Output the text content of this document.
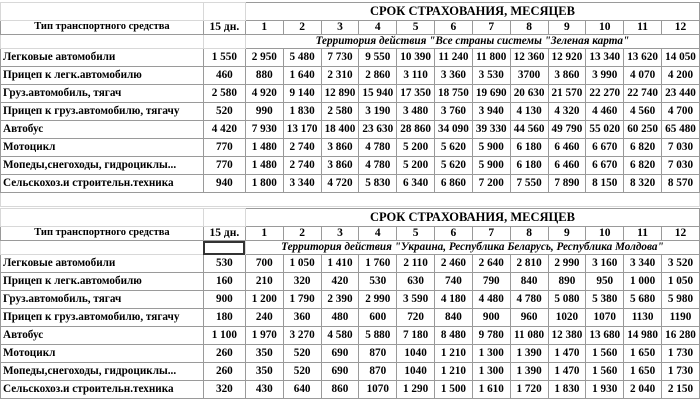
		СРОК СТРАХОВАНИЯ, МЕСЯЦЕВ											
Тип транспортного средства	15 дн.	1	2	3	4	5	6	7	8	9	10	11	12
		Территория действия "Все страны системы "Зеленая карта"											
Легковые автомобили	1 550	2 950	5 480	7 730	9 550	10 390	11 240	11 800	12 360	12 920	13 340	13 620	14 050
Прицеп к легк.автомобилю	460	880	1 640	2 310	2 860	3 110	3 360	3 530	3700	3 860	3 990	4 070	4 200
Груз.автомобиль, тягач	2 580	4 920	9 140	12 890	15 940	17 350	18 750	19 690	20 630	21 570	22 270	22 740	23 440
Прицеп к груз.автомобилю, тягачу	520	990	1 830	2 580	3 190	3 480	3 760	3 940	4 130	4 320	4 460	4 560	4 700
Автобус	4 420	7 930	13 170	18 400	23 630	28 860	34 090	39 330	44 560	49 790	55 020	60 250	65 480
Мотоцикл	770	1 480	2 740	3 860	4 780	5 200	5 620	5 900	6 180	6 460	6 670	6 820	7 030
Мопеды,снегоходы, гидроциклы...	770	1 480	2 740	3 860	4 780	5 200	5 620	5 900	6 180	6 460	6 670	6 820	7 030
Сельскохоз.и строительн.техника	940	1 800	3 340	4 720	5 830	6 340	6 860	7 200	7 550	7 890	8 150	8 320	8 570

		СРОК СТРАХОВАНИЯ, МЕСЯЦЕВ											
Тип транспортного средства	15 дн.	1	2	3	4	5	6	7	8	9	10	11	12
		Территория действия "Украина, Республика Беларусь, Республика Молдова"											
Легковые автомобили	530	700	1 050	1 410	1 760	2 110	2 460	2 640	2 810	2 990	3 160	3 340	3 520
Прицеп к легк.автомобилю	160	210	320	420	530	630	740	790	840	890	950	1 000	1 050
Груз.автомобиль, тягач	900	1 200	1 790	2 390	2 990	3 590	4 180	4 480	4 780	5 080	5 380	5 680	5 980
Прицеп к груз.автомобилю, тягачу	180	240	360	480	600	720	840	900	960	1020	1070	1130	1190
Автобус	1 100	1 970	3 270	4 580	5 880	7 180	8 480	9 780	11 080	12 380	13 680	14 980	16 280
Мотоцикл	260	350	520	690	870	1040	1 210	1 300	1 390	1 470	1 560	1 650	1 730
Мопеды,снегоходы, гидроциклы...	260	350	520	690	870	1040	1 210	1 300	1 390	1 470	1 560	1 650	1 730
Сельскохоз.и строительн.техника	320	430	640	860	1070	1 290	1 500	1 610	1 720	1 830	1 930	2 040	2 150
